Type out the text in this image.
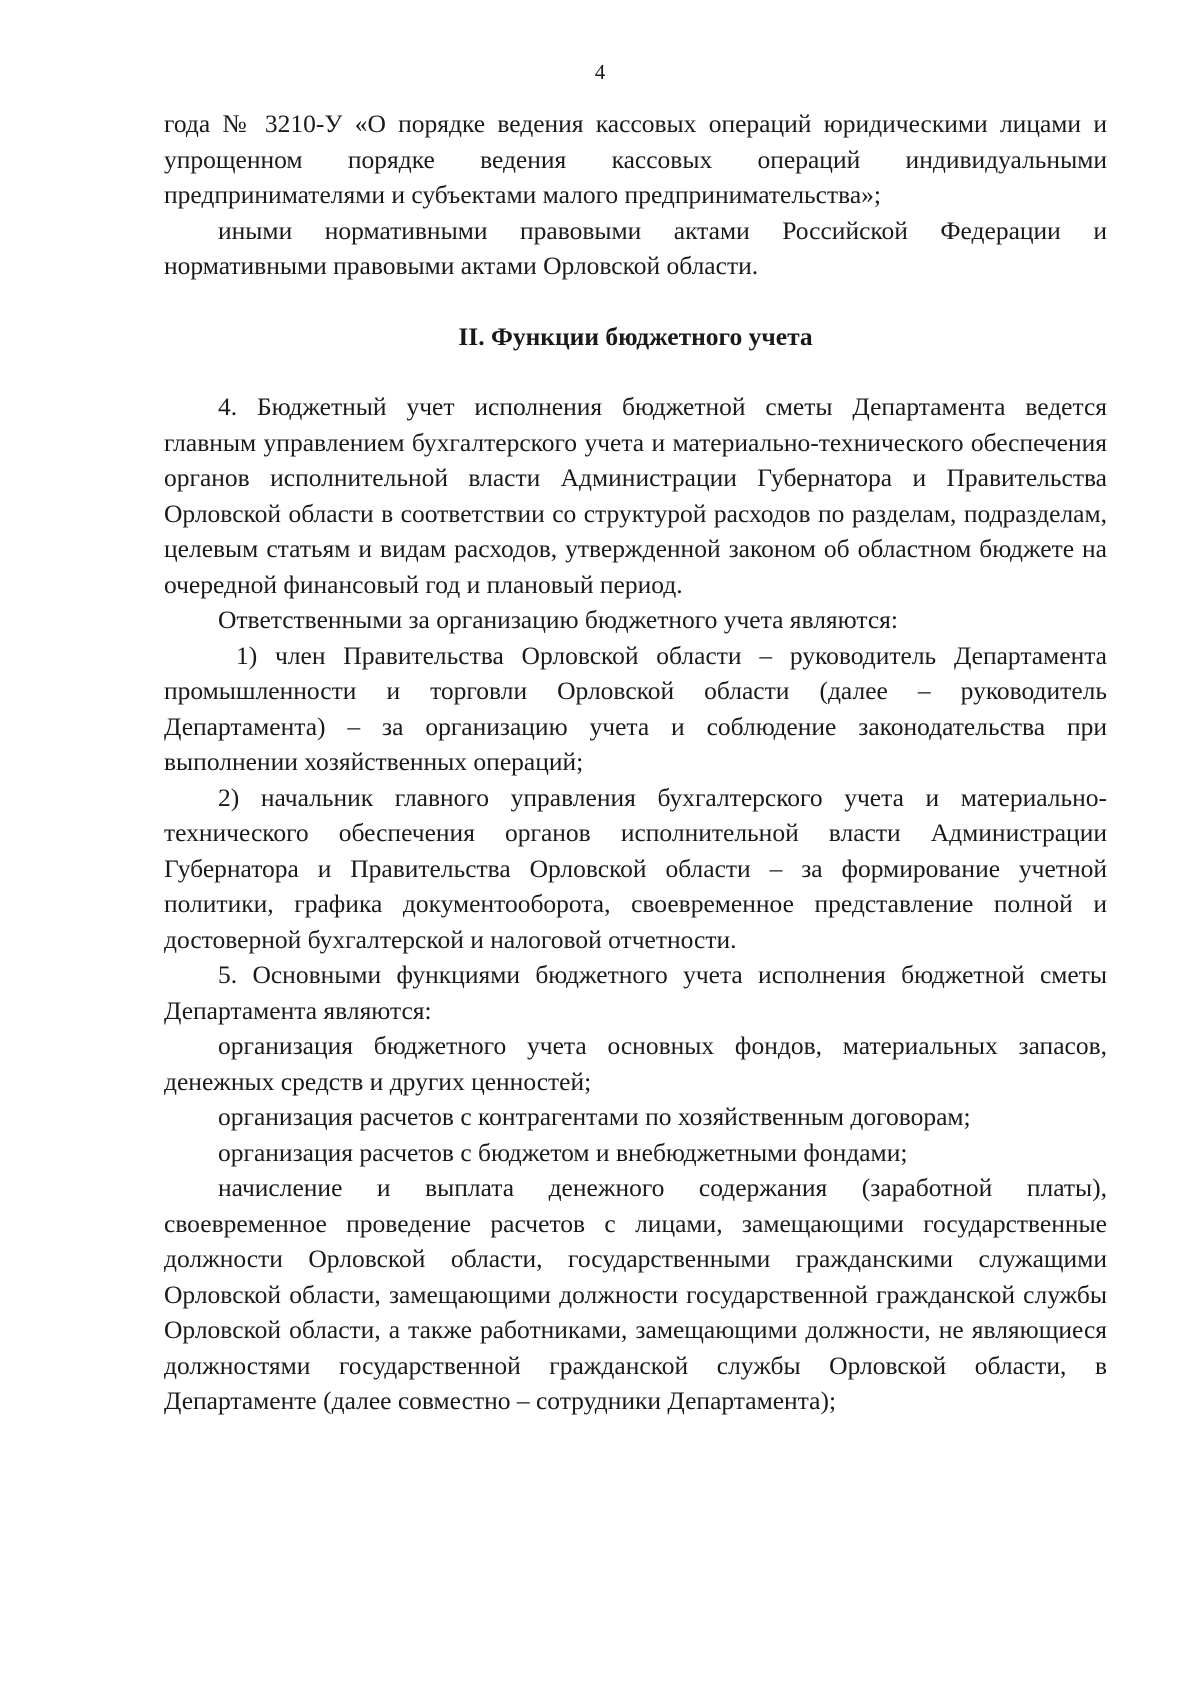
4

года № 3210-У «О порядке ведения кассовых операций юридическими лицами и упрощенном порядке ведения кассовых операций индивидуальными предпринимателями и субъектами малого предпринимательства»;

иными нормативными правовыми актами Российской Федерации и нормативными правовыми актами Орловской области.

II. Функции бюджетного учета

4. Бюджетный учет исполнения бюджетной сметы Департамента ведется главным управлением бухгалтерского учета и материально-технического обеспечения органов исполнительной власти Администрации Губернатора и Правительства Орловской области в соответствии со структурой расходов по разделам, подразделам, целевым статьям и видам расходов, утвержденной законом об областном бюджете на очередной финансовый год и плановый период.

Ответственными за организацию бюджетного учета являются:

1) член Правительства Орловской области – руководитель Департамента промышленности и торговли Орловской области (далее – руководитель Департамента) – за организацию учета и соблюдение законодательства при выполнении хозяйственных операций;

2) начальник главного управления бухгалтерского учета и материально-технического обеспечения органов исполнительной власти Администрации Губернатора и Правительства Орловской области – за формирование учетной политики, графика документооборота, своевременное представление полной и достоверной бухгалтерской и налоговой отчетности.

5. Основными функциями бюджетного учета исполнения бюджетной сметы Департамента являются:

организация бюджетного учета основных фондов, материальных запасов, денежных средств и других ценностей;

организация расчетов с контрагентами по хозяйственным договорам;

организация расчетов с бюджетом и внебюджетными фондами;

начисление и выплата денежного содержания (заработной платы), своевременное проведение расчетов с лицами, замещающими государственные должности Орловской области, государственными гражданскими служащими Орловской области, замещающими должности государственной гражданской службы Орловской области, а также работниками, замещающими должности, не являющиеся должностями государственной гражданской службы Орловской области, в Департаменте (далее совместно – сотрудники Департамента);
